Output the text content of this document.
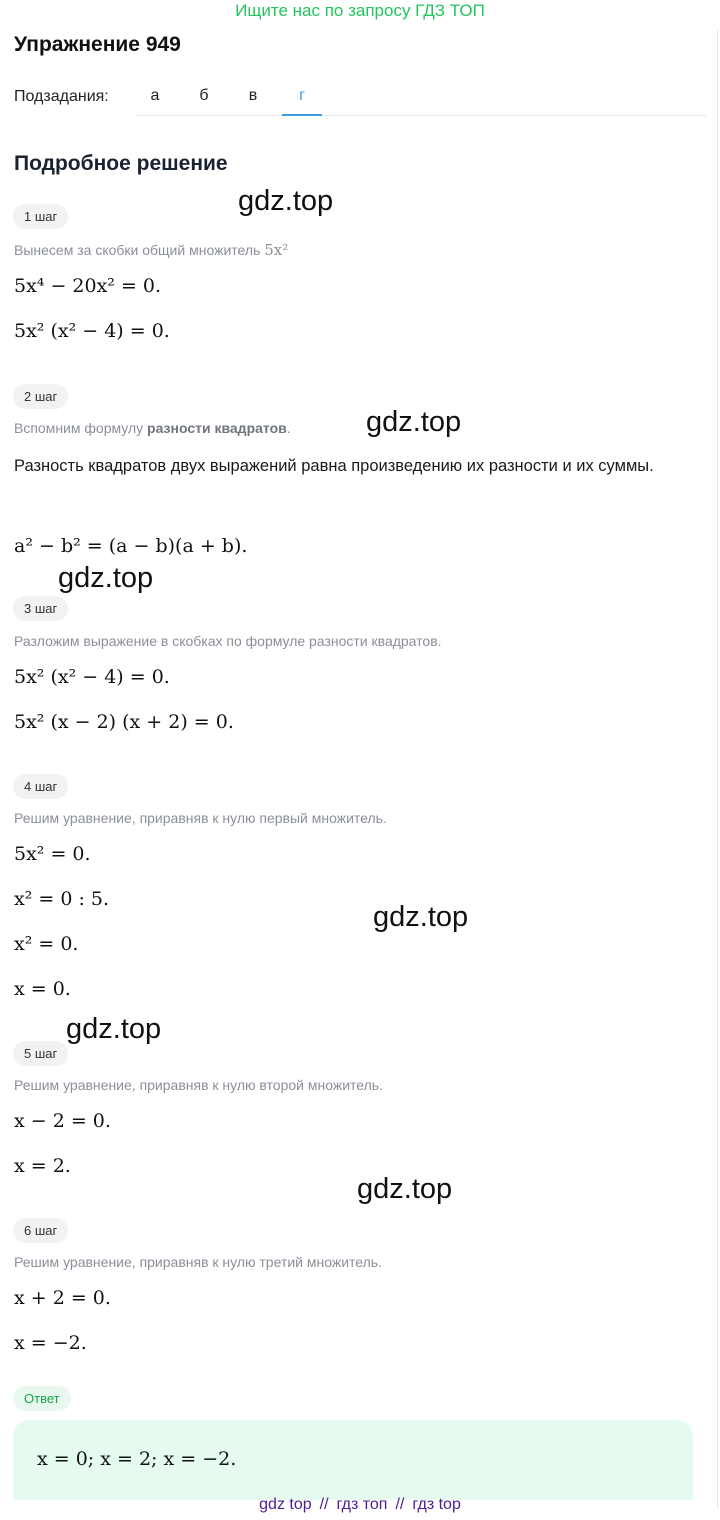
Ищите нас по запросу ГДЗ ТОП
Упражнение 949
Подзадания:	а	б	в	г
Подробное решение
1 шаг
Вынесем за скобки общий множитель 5x²
5x⁴ − 20x² = 0.
5x² (x² − 4) = 0.
2 шаг
Вспомним формулу разности квадратов.
Разность квадратов двух выражений равна произведению их разности и их суммы.
a² − b² = (a − b)(a + b).
3 шаг
Разложим выражение в скобках по формуле разности квадратов.
5x² (x² − 4) = 0.
5x² (x − 2) (x + 2) = 0.
4 шаг
Решим уравнение, приравняв к нулю первый множитель.
5x² = 0.
x² = 0 : 5.
x² = 0.
x = 0.
5 шаг
Решим уравнение, приравняв к нулю второй множитель.
x − 2 = 0.
x = 2.
6 шаг
Решим уравнение, приравняв к нулю третий множитель.
x + 2 = 0.
x = −2.
Ответ
x = 0; x = 2; x = −2.
gdz.top
gdz.top
gdz.top
gdz.top
gdz.top
gdz.top
gdz top // гдз топ // гдз top
